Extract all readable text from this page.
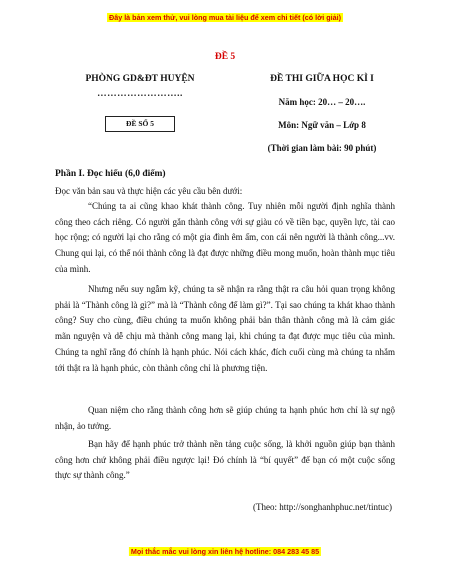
Đây là bản xem thử, vui lòng mua tài liệu để xem chi tiết (có lời giải)
ĐỀ 5
PHÒNG GD&ĐT HUYỆN
……………………..
ĐỀ SỐ 5
ĐỀ THI GIỮA HỌC KÌ I
Năm học: 20… – 20….
Môn: Ngữ văn – Lớp 8
(Thời gian làm bài: 90 phút)
Phần I. Đọc hiểu (6,0 điểm)
Đọc văn bản sau và thực hiện các yêu cầu bên dưới:
“Chúng ta ai cũng khao khát thành công. Tuy nhiên mỗi người định nghĩa thành công theo cách riêng. Có người gắn thành công với sự giàu có về tiền bạc, quyền lực, tài cao học rộng; có người lại cho rằng có một gia đình êm ấm, con cái nên người là thành công...vv. Chung qui lại, có thể nói thành công là đạt được những điều mong muốn, hoàn thành mục tiêu của mình.
Nhưng nếu suy ngẫm kỹ, chúng ta sẽ nhận ra rằng thật ra câu hỏi quan trọng không phải là “Thành công là gì?” mà là “Thành công để làm gì?”. Tại sao chúng ta khát khao thành công? Suy cho cùng, điều chúng ta muốn không phải bản thân thành công mà là cảm giác mãn nguyện và dễ chịu mà thành công mang lại, khi chúng ta đạt được mục tiêu của mình. Chúng ta nghĩ rằng đó chính là hạnh phúc. Nói cách khác, đích cuối cùng mà chúng ta nhắm tới thật ra là hạnh phúc, còn thành công chỉ là phương tiện.
Quan niệm cho rằng thành công hơn sẽ giúp chúng ta hạnh phúc hơn chỉ là sự ngộ nhận, ảo tưởng.
Bạn hãy để hạnh phúc trở thành nền tảng cuộc sống, là khởi nguồn giúp bạn thành công hơn chứ không phải điều ngược lại! Đó chính là “bí quyết” để bạn có một cuộc sống thực sự thành công.”
(Theo: http://songhanhphuc.net/tintuc)
Mọi thắc mắc vui lòng xin liên hệ hotline: 084 283 45 85
